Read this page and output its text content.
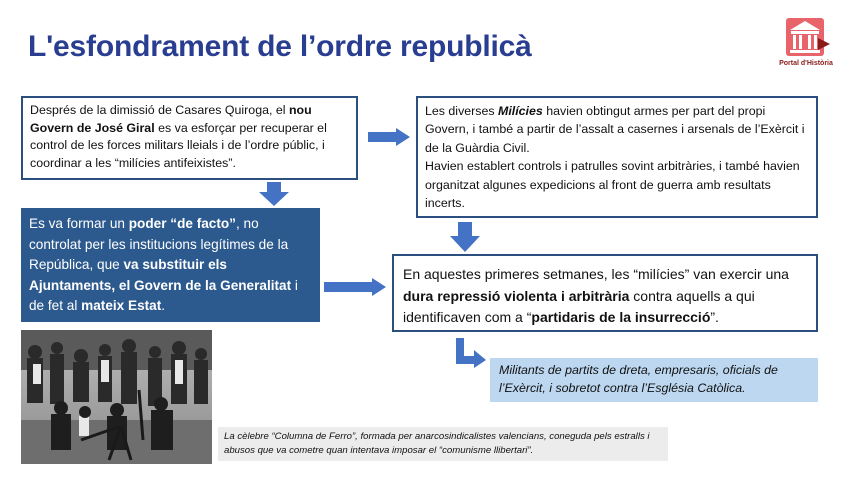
L'esfondrament de l’ordre republicà
Portal d'Història
Després de la dimissió de Casares Quiroga, el nou Govern de José Giral es va esforçar per recuperar el control de les forces militars lleials i de l’ordre públic, i coordinar a les “milícies antifeixistes”.
Les diverses Milícies havien obtingut armes per part del propi Govern, i també a partir de l’assalt a casernes i arsenals de l’Exèrcit i de la Guàrdia Civil.
Havien establert controls i patrulles sovint arbitràries, i també havien organitzat algunes expedicions al front de guerra amb resultats incerts.
Es va formar un poder “de facto”, no controlat per les institucions legítimes de la República, que va substituir els Ajuntaments, el Govern de la Generalitat i de fet al mateix Estat.
En aquestes primeres setmanes, les “milícies” van exercir una dura repressió violenta i arbitrària contra aquells a qui identificaven com a “partidaris de la insurrecció”.
Militants de partits de dreta, empresaris, oficials de l’Exèrcit, i sobretot contra l’Església Catòlica.
La cèlebre “Columna de Ferro”, formada per anarcosindicalistes valencians, coneguda pels estralls i abusos que va cometre quan intentava imposar el “comunisme llibertari”.
